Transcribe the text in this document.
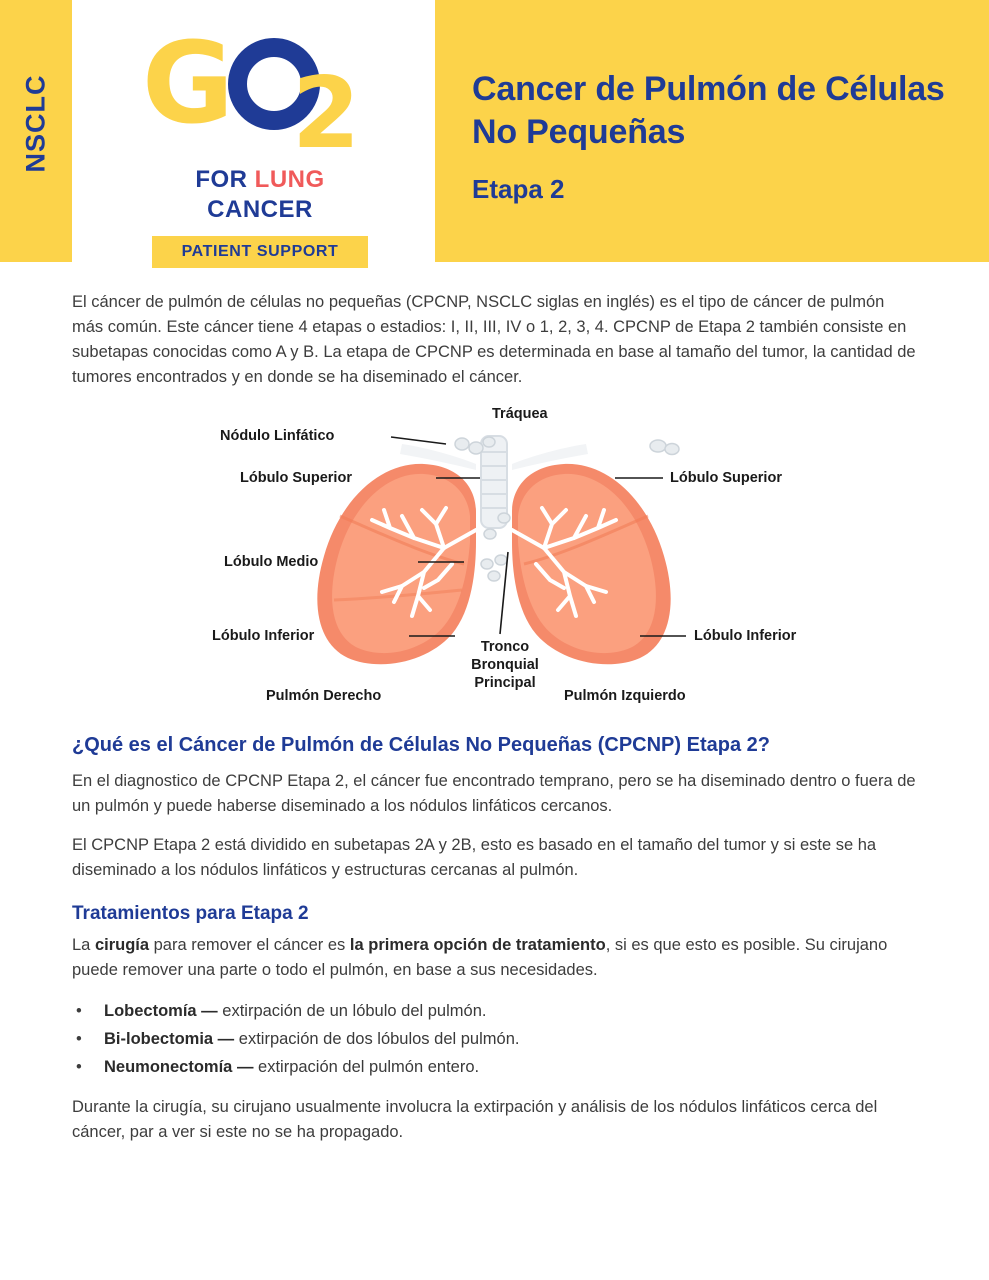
NSCLC G 2
FOR LUNG
CANCER
PATIENT SUPPORT
Cancer de Pulmón de Células No Pequeñas
Etapa 2

El cáncer de pulmón de células no pequeñas (CPCNP, NSCLC siglas en inglés) es el tipo de cáncer de pulmón más común. Este cáncer tiene 4 etapas o estadios: I, II, III, IV o 1, 2, 3, 4. CPCNP de Etapa 2 también consiste en subetapas conocidas como A y B. La etapa de CPCNP es determinada en base al tamaño del tumor, la cantidad de tumores encontrados y en donde se ha diseminado el cáncer.

Tráquea
Nódulo Linfático
Lóbulo Superior	Lóbulo Superior
Lóbulo Medio
Lóbulo Inferior	Lóbulo Inferior
Tronco Bronquial Principal
Pulmón Derecho	Pulmón Izquierdo
¿Qué es el Cáncer de Pulmón de Células No Pequeñas (CPCNP) Etapa 2?

En el diagnostico de CPCNP Etapa 2, el cáncer fue encontrado temprano, pero se ha diseminado dentro o fuera de un pulmón y puede haberse diseminado a los nódulos linfáticos cercanos.

El CPCNP Etapa 2 está dividido en subetapas 2A y 2B, esto es basado en el tamaño del tumor y si este se ha diseminado a los nódulos linfáticos y estructuras cercanas al pulmón.

Tratamientos para Etapa 2

La cirugía para remover el cáncer es la primera opción de tratamiento, si es que esto es posible. Su cirujano puede remover una parte o todo el pulmón, en base a sus necesidades.

• Lobectomía — extirpación de un lóbulo del pulmón.
• Bi-lobectomia — extirpación de dos lóbulos del pulmón.
• Neumonectomía — extirpación del pulmón entero.

Durante la cirugía, su cirujano usualmente involucra la extirpación y análisis de los nódulos linfáticos cerca del cáncer, par a ver si este no se ha propagado.
